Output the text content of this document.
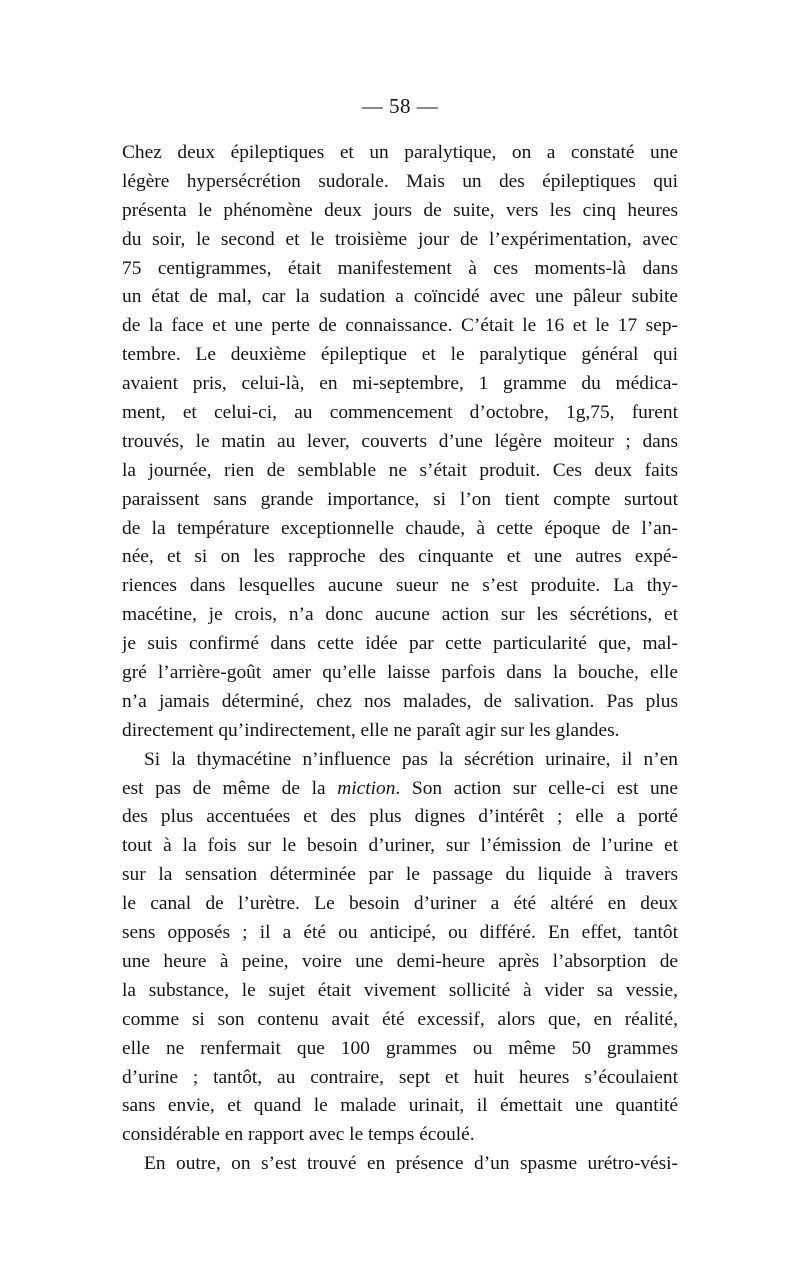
— 58 —
Chez deux épileptiques et un paralytique, on a constaté une
légère hypersécrétion sudorale. Mais un des épileptiques qui
présenta le phénomène deux jours de suite, vers les cinq heures
du soir, le second et le troisième jour de l’expérimentation, avec
75 centigrammes, était manifestement à ces moments-là dans
un état de mal, car la sudation a coïncidé avec une pâleur subite
de la face et une perte de connaissance. C’était le 16 et le 17 sep-
tembre. Le deuxième épileptique et le paralytique général qui
avaient pris, celui-là, en mi-septembre, 1 gramme du médica-
ment, et celui-ci, au commencement d’octobre, 1g,75, furent
trouvés, le matin au lever, couverts d’une légère moiteur ; dans
la journée, rien de semblable ne s’était produit. Ces deux faits
paraissent sans grande importance, si l’on tient compte surtout
de la température exceptionnelle chaude, à cette époque de l’an-
née, et si on les rapproche des cinquante et une autres expé-
riences dans lesquelles aucune sueur ne s’est produite. La thy-
macétine, je crois, n’a donc aucune action sur les sécrétions, et
je suis confirmé dans cette idée par cette particularité que, mal-
gré l’arrière-goût amer qu’elle laisse parfois dans la bouche, elle
n’a jamais déterminé, chez nos malades, de salivation. Pas plus
directement qu’indirectement, elle ne paraît agir sur les glandes.
Si la thymacétine n’influence pas la sécrétion urinaire, il n’en
est pas de même de la miction. Son action sur celle-ci est une
des plus accentuées et des plus dignes d’intérêt ; elle a porté
tout à la fois sur le besoin d’uriner, sur l’émission de l’urine et
sur la sensation déterminée par le passage du liquide à travers
le canal de l’urètre. Le besoin d’uriner a été altéré en deux
sens opposés ; il a été ou anticipé, ou différé. En effet, tantôt
une heure à peine, voire une demi-heure après l’absorption de
la substance, le sujet était vivement sollicité à vider sa vessie,
comme si son contenu avait été excessif, alors que, en réalité,
elle ne renfermait que 100 grammes ou même 50 grammes
d’urine ; tantôt, au contraire, sept et huit heures s’écoulaient
sans envie, et quand le malade urinait, il émettait une quantité
considérable en rapport avec le temps écoulé.
En outre, on s’est trouvé en présence d’un spasme urétro-vési-
